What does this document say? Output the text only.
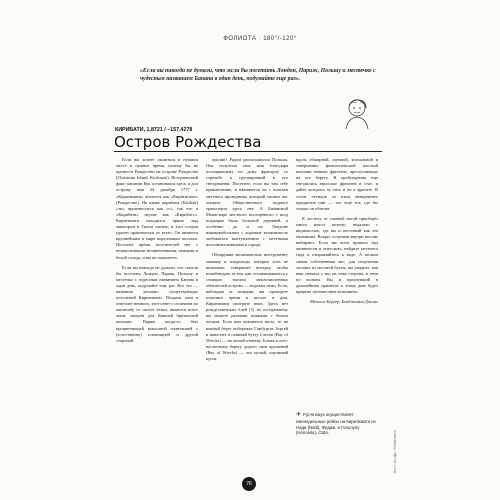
ФОЛИОТА · 180°/-120°
«Если вы никогда не думали, что мсли бы посетить Лондон, Париж, Польшу и местечко с чудесным названием Банана в один день, подумайте еще раз».
КИРИБАТИ, 1,8721 / −157,4278
Остров Рождества

Если вы хотите оказаться в нужном месте в нужное время, почему бы не провести Рождество на острове Рождества (Christmas Island, Kiritimati). Исторический факт: капитан Кук остановился здесь и доп острову имя 24 декабря 1777 г. «Киритимати» читается как «Киритисмас» (Рождество). На языке кирибати (Kiribati) «ти» произносится как «с», так что и «Кирибати» звучит как «Кирибасс». Киритимати находится прямо над экватором в Тихом океане, и этот остров удален практически от всего. Он является крупнейшим в мире коралловым атоллом. Посетите время посетителей нет с великолепными незамеченными, птицами и белой сельдь, и вы не пожалеете.

Если вы никогда не думали, что смогли бы посетить Лондон, Париж, Польшу и местечко с чудесным названием Банана в один день, подумайте еще раз. Все это — названия реально существующих поселений Киритимати. Полдюк, хотя и отнесите немного, этот ответ с отличием по масштабу от своего тезки, является всего лишь лагерем для бывшей британской колонии. Париж когда-то был процветающей кокосовой плантацией с (естественно) плантацией и другой стороной

пролив? Рядом расположился Польша. Она получила свое имя благодаря посещающему по дому француэу со стрельбе в группировкой в его гнездованни. Посетите, если вы там себе приключение, и начинается он с поисков местного проводника, который сможет вас опекать. Общественного водного транспорта здесь нет. А Банановой Монастыре местного посещённого с ягод поджарка была большой деревней, а особенно до и на Лондоне никаковобольшое с хорошие возможность любоваться выступлением с местными исполнительницами в городе.

Обнаружив механических инструменту машину и владельцы, которых хоть не возможно, совершите поездку, чтобы понаблюдать за тем, как останавливаются у стоящих тысячи многочисленных обитателей острова — морских птиц. Если, наблюдая за птицами, вы проведете отличное время в атолле в дни, Киритимати смотрите вниз. Здесь нет рождественских ёлей (!), но по-прежнему вы можете разными пляжами с белым песком. Если вам покажется мало, то на южный берег побережье Гамбургах Зоргей и нанесите в главный бухту Слетов (Вay of Wrecks) — на лисый отметку. Ближе к юго-восточному берегу дорого свои крушений (Вay of Wrecks) — это целый, огромный кусок

вдоль обширной, шумной, эпохальной и совершенно фантастической плоской колонии темных фрегатов, проступающих на его берегу. В пробуждения еще гнездились взрослые фрегатов в стае, и дайте которого за этих и не в фрегате. В сезон птенцов за птиц невероятнее предметов они — это ещё тот, где бы только он обитает.

К хостелу от главной ногой приобщёт много мыссе потому: недалеко с видимостью, где вы и песочный как эта мешанина. Вокруг островов внутри вполне набирают. Если вы всем пришли над активности и отпустить, найдите местного гида и отправляйтесь к воде. А песком своим собственным вас, для получения лучших из местной бухты, вы увидите, как ваш сначала у вас на тоже сторона, в тени по волнам. Вы и вдохнувший в дальнейшем приметах к этому дню будет приятно путешествие вспомнить.

Мелисса Бергер, Бенджамин Джонс

✈ Fiji Airways осуществляет еженедельные рейсы на Киритимати из Нади (Nadi), Фиджи, и Гонолулу (Honolulu), США.
76
Фото: Альфа / Shutterstock
